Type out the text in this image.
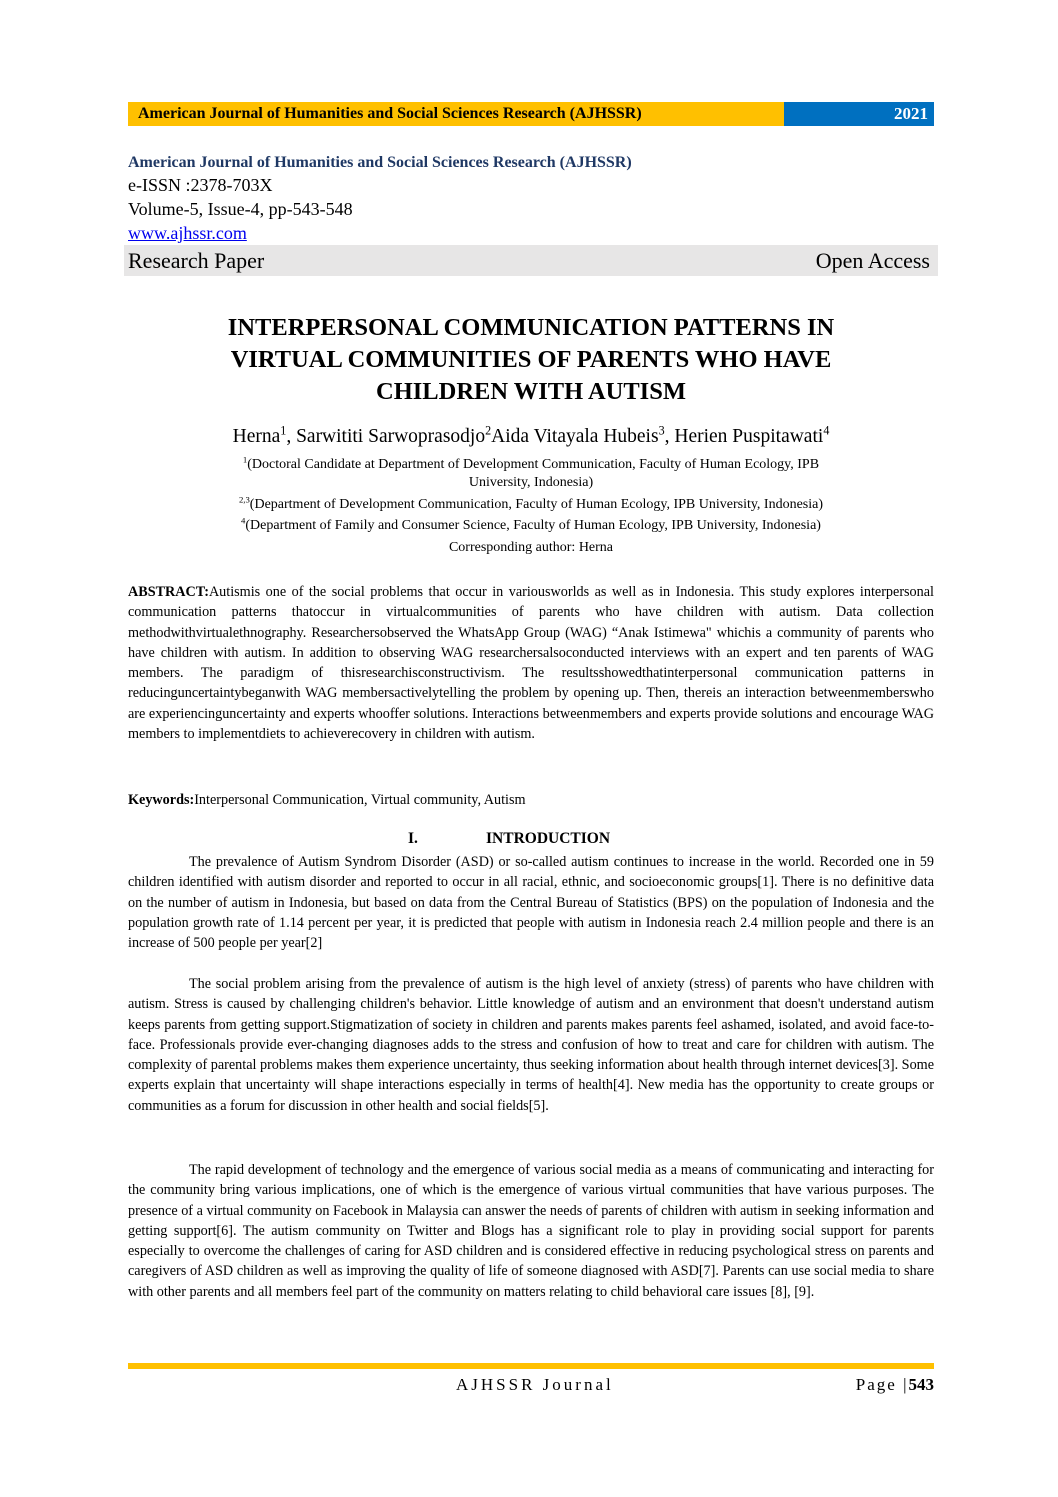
American Journal of Humanities and Social Sciences Research (AJHSSR)	2021
American Journal of Humanities and Social Sciences Research (AJHSSR)
e-ISSN :2378-703X
Volume-5, Issue-4, pp-543-548
www.ajhssr.com
Research Paper	Open Access
INTERPERSONAL COMMUNICATION PATTERNS IN
VIRTUAL COMMUNITIES OF PARENTS WHO HAVE
CHILDREN WITH AUTISM
Herna$^1$, Sarwititi Sarwoprasodjo$^2$Aida Vitayala Hubeis$^3$, Herien Puspitawati$^4$
$^1$(Doctoral Candidate at Department of Development Communication, Faculty of Human Ecology, IPB
University, Indonesia)
$^{2,3}$(Department of Development Communication, Faculty of Human Ecology, IPB University, Indonesia)
$^4$(Department of Family and Consumer Science, Faculty of Human Ecology, IPB University, Indonesia)
Corresponding author: Herna
ABSTRACT:Autismis one of the social problems that occur in variousworlds as well as in Indonesia. This study explores interpersonal communication patterns thatoccur in virtualcommunities of parents who have children with autism. Data collection methodwithvirtualethnography. Researchersobserved the WhatsApp Group (WAG) “Anak Istimewa" whichis a community of parents who have children with autism. In addition to observing WAG researchersalsoconducted interviews with an expert and ten parents of WAG members. The paradigm of thisresearchisconstructivism. The resultsshowedthatinterpersonal communication patterns in reducinguncertaintybeganwith WAG membersactivelytelling the problem by opening up. Then, thereis an interaction betweenmemberswho are experiencinguncertainty and experts whooffer solutions. Interactions betweenmembers and experts provide solutions and encourage WAG members to implementdiets to achieverecovery in children with autism.
Keywords:Interpersonal Communication, Virtual community, Autism
I.	INTRODUCTION
The prevalence of Autism Syndrom Disorder (ASD) or so-called autism continues to increase in the world. Recorded one in 59 children identified with autism disorder and reported to occur in all racial, ethnic, and socioeconomic groups[1]. There is no definitive data on the number of autism in Indonesia, but based on data from the Central Bureau of Statistics (BPS) on the population of Indonesia and the population growth rate of 1.14 percent per year, it is predicted that people with autism in Indonesia reach 2.4 million people and there is an increase of 500 people per year[2]
The social problem arising from the prevalence of autism is the high level of anxiety (stress) of parents who have children with autism. Stress is caused by challenging children's behavior. Little knowledge of autism and an environment that doesn't understand autism keeps parents from getting support.Stigmatization of society in children and parents makes parents feel ashamed, isolated, and avoid face-to-face. Professionals provide ever-changing diagnoses adds to the stress and confusion of how to treat and care for children with autism. The complexity of parental problems makes them experience uncertainty, thus seeking information about health through internet devices[3]. Some experts explain that uncertainty will shape interactions especially in terms of health[4]. New media has the opportunity to create groups or communities as a forum for discussion in other health and social fields[5].
The rapid development of technology and the emergence of various social media as a means of communicating and interacting for the community bring various implications, one of which is the emergence of various virtual communities that have various purposes. The presence of a virtual community on Facebook in Malaysia can answer the needs of parents of children with autism in seeking information and getting support[6]. The autism community on Twitter and Blogs has a significant role to play in providing social support for parents especially to overcome the challenges of caring for ASD children and is considered effective in reducing psychological stress on parents and caregivers of ASD children as well as improving the quality of life of someone diagnosed with ASD[7]. Parents can use social media to share with other parents and all members feel part of the community on matters relating to child behavioral care issues [8], [9].
AJHSSR Journal	Page |543
